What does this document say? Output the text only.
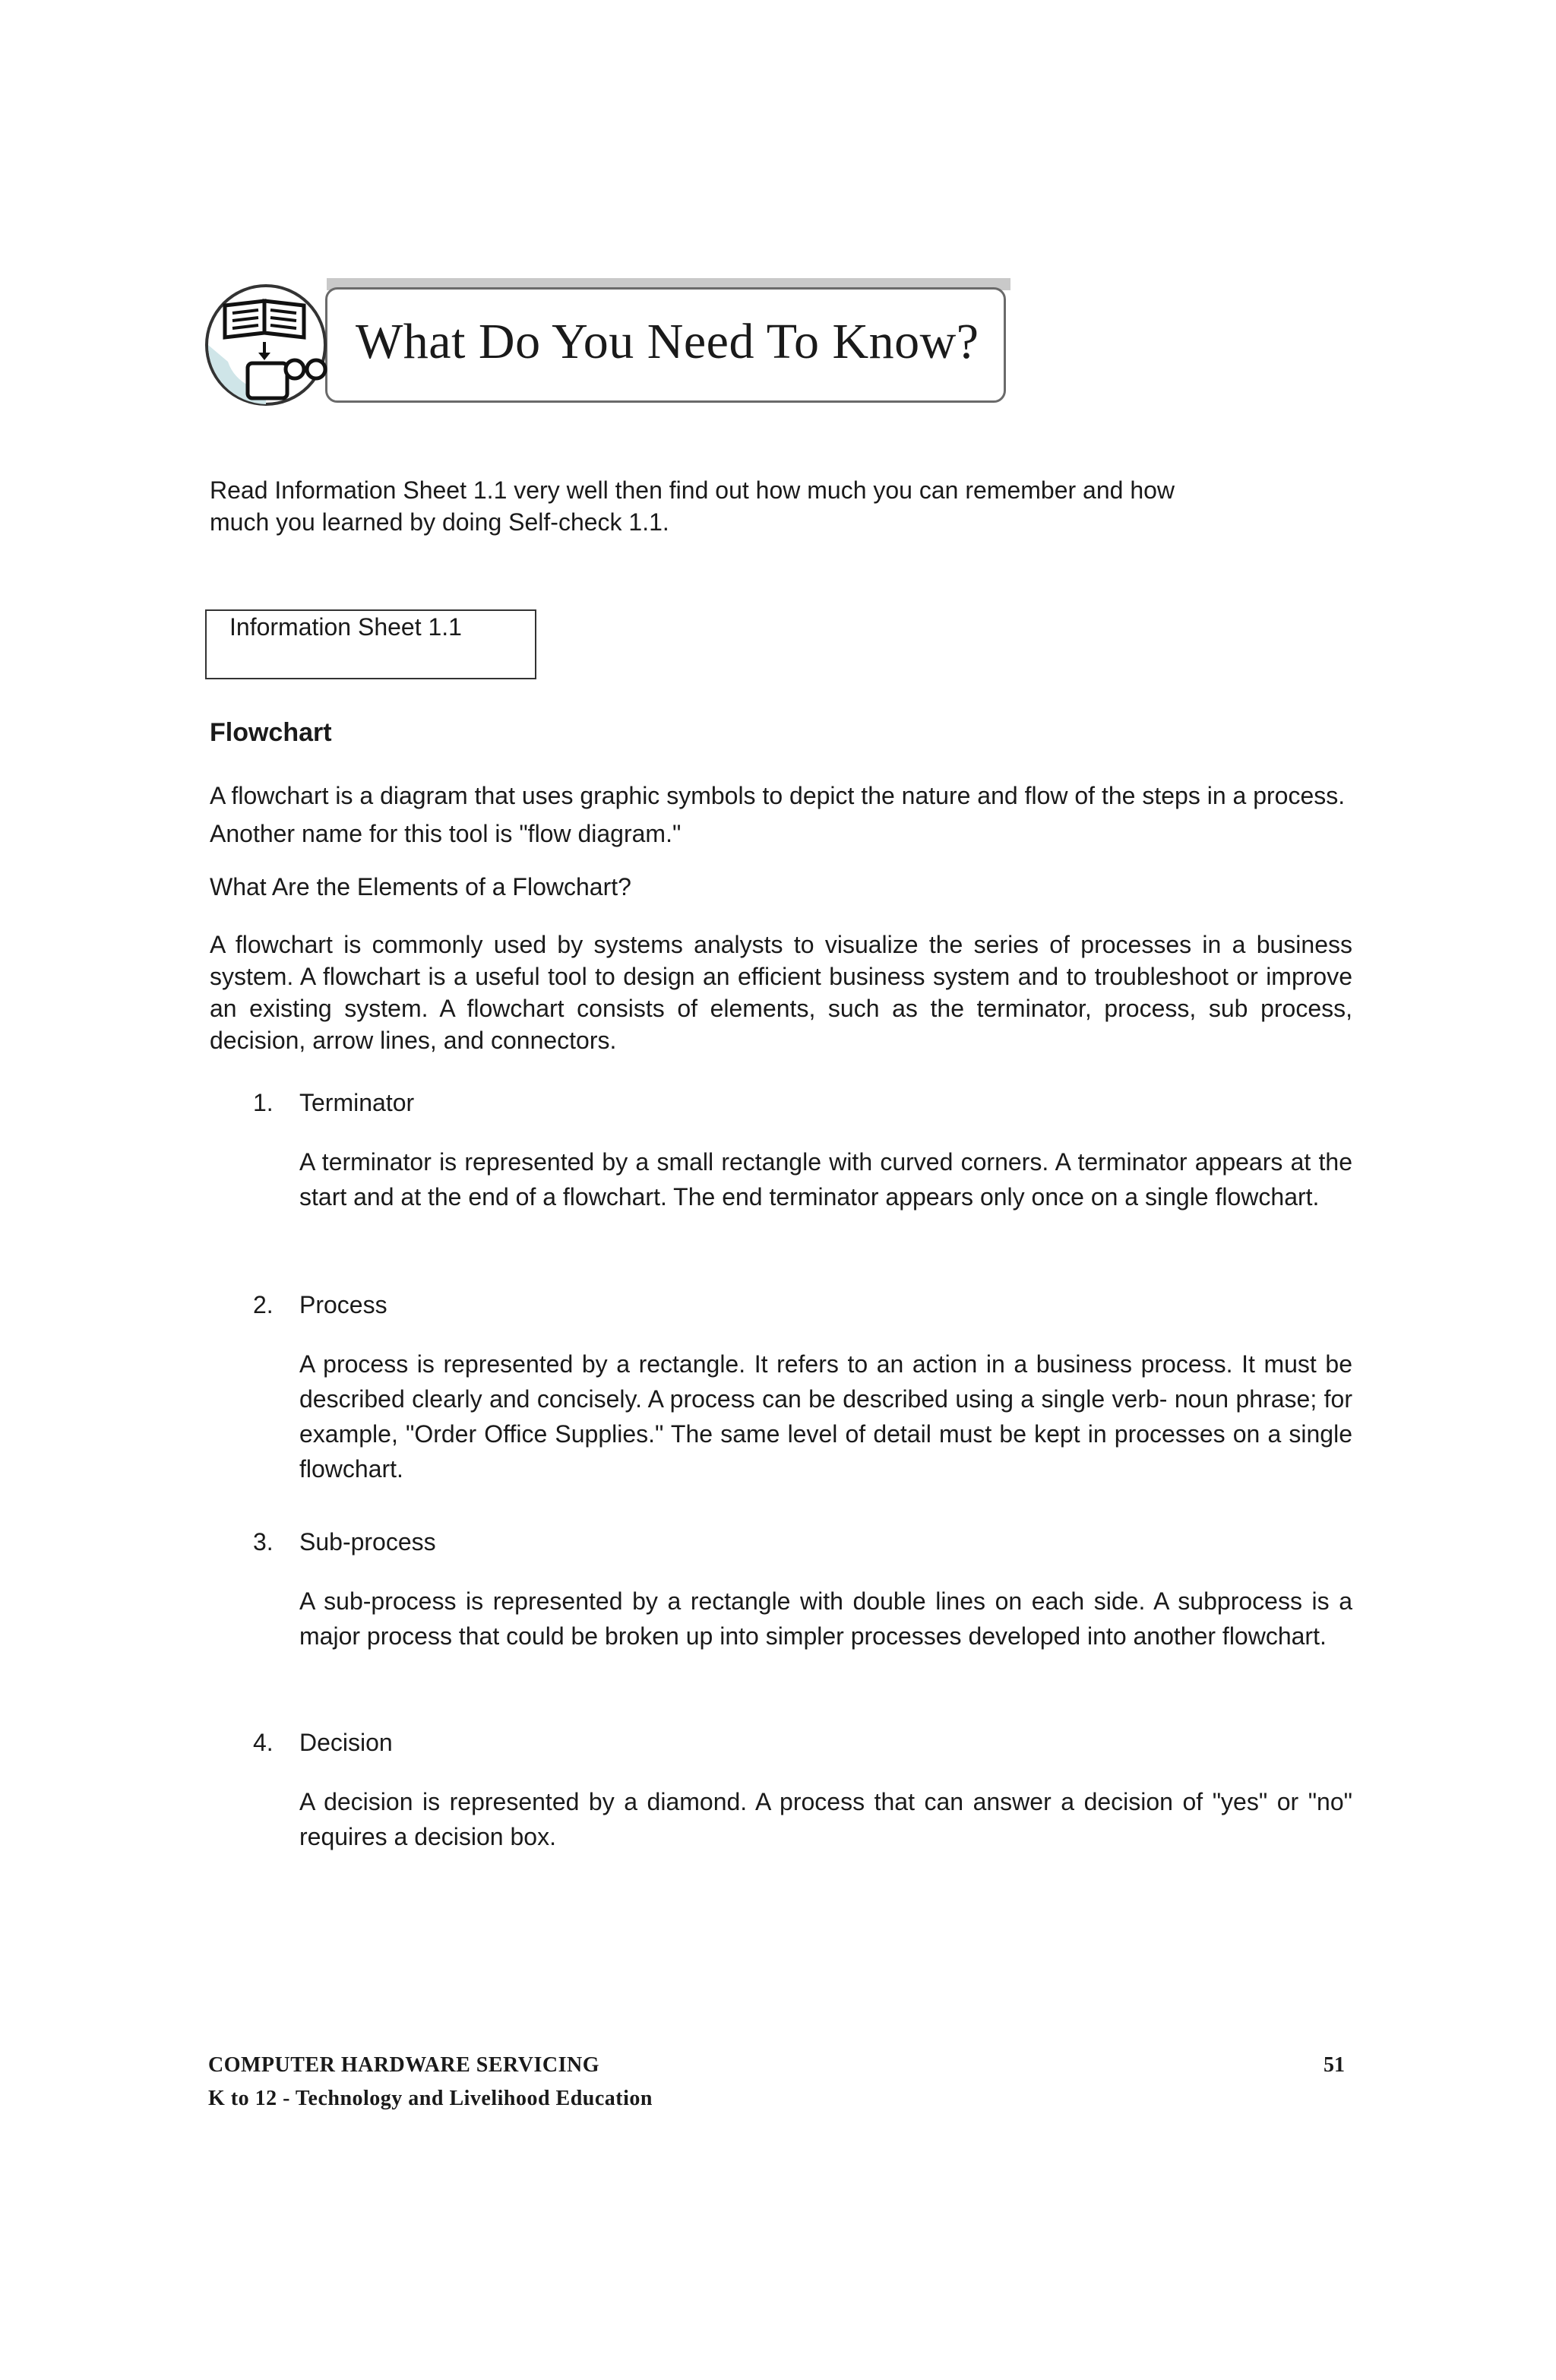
What Do You Need To Know?
Read Information Sheet 1.1 very well then find out how much you can remember and how much you learned by doing Self-check 1.1.
Information Sheet 1.1
Flowchart
A flowchart is a diagram that uses graphic symbols to depict the nature and flow of the steps in a process. Another name for this tool is "flow diagram."
What Are the Elements of a Flowchart?
A flowchart is commonly used by systems analysts to visualize the series of processes in a business system. A flowchart is a useful tool to design an efficient business system and to troubleshoot or improve an existing system. A flowchart consists of elements, such as the terminator, process, sub process, decision, arrow lines, and connectors.
1. Terminator
A terminator is represented by a small rectangle with curved corners. A terminator appears at the start and at the end of a flowchart. The end terminator appears only once on a single flowchart.
2. Process
A process is represented by a rectangle. It refers to an action in a business process. It must be described clearly and concisely. A process can be described using a single verb- noun phrase; for example, "Order Office Supplies." The same level of detail must be kept in processes on a single flowchart.
3. Sub-process
A sub-process is represented by a rectangle with double lines on each side. A subprocess is a major process that could be broken up into simpler processes developed into another flowchart.
4. Decision
A decision is represented by a diamond. A process that can answer a decision of "yes" or "no" requires a decision box.
COMPUTER HARDWARE SERVICING
K to 12 - Technology and Livelihood Education
51
